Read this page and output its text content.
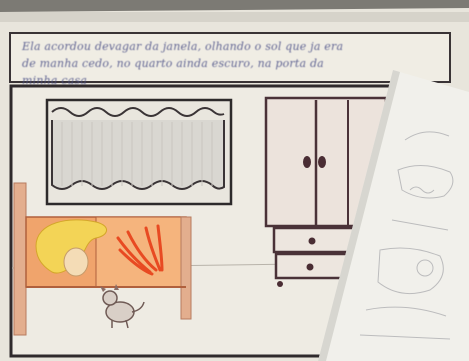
Ela acordou devagar da janela, olhando o sol que ja era
de manha cedo, no quarto ainda escuro, na porta da
minha casa
